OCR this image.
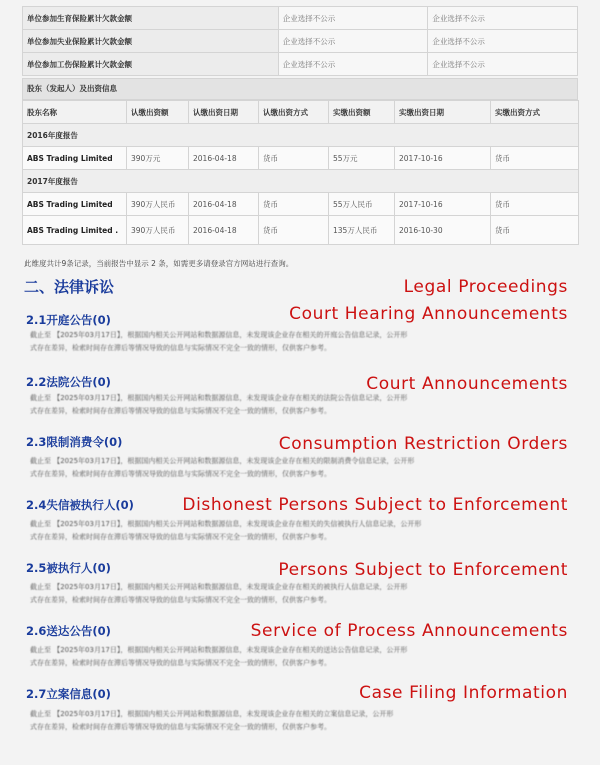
单位参加生育保险累计欠款金额	企业选择不公示	企业选择不公示
单位参加失业保险累计欠款金额	企业选择不公示	企业选择不公示
单位参加工伤保险累计欠款金额	企业选择不公示	企业选择不公示
股东（发起人）及出资信息
股东名称	认缴出资额	认缴出资日期	认缴出资方式	实缴出资额	实缴出资日期	实缴出资方式
2016年度报告						
ABS Trading Limited	390万元	2016-04-18	货币	55万元	2017-10-16	货币
2017年度报告						
ABS Trading Limited	390万人民币	2016-04-18	货币	55万人民币	2017-10-16	货币
ABS Trading Limited .	390万人民币	2016-04-18	货币	135万人民币	2016-10-30	货币
此维度共计9条记录，当前报告中显示 2 条，如需更多请登录官方网站进行查询。
二、法律诉讼	Legal Proceedings
2.1开庭公告(0)	Court Hearing Announcements
截止至 【2025年03月17日】，根据国内相关公开网站和数据源信息，未发现该企业存在相关的开庭公告信息记录，公开形
式存在差异，检索时间存在滞后等情况导致的信息与实际情况不完全一致的情形，仅供客户参考。
2.2法院公告(0)	Court Announcements
截止至 【2025年03月17日】，根据国内相关公开网站和数据源信息，未发现该企业存在相关的法院公告信息记录，公开形
式存在差异，检索时间存在滞后等情况导致的信息与实际情况不完全一致的情形，仅供客户参考。
2.3限制消费令(0)	Consumption Restriction Orders
截止至 【2025年03月17日】，根据国内相关公开网站和数据源信息，未发现该企业存在相关的限制消费令信息记录，公开形
式存在差异，检索时间存在滞后等情况导致的信息与实际情况不完全一致的情形，仅供客户参考。
2.4失信被执行人(0)	Dishonest Persons Subject to Enforcement
截止至 【2025年03月17日】，根据国内相关公开网站和数据源信息，未发现该企业存在相关的失信被执行人信息记录，公开形
式存在差异，检索时间存在滞后等情况导致的信息与实际情况不完全一致的情形，仅供客户参考。
2.5被执行人(0)	Persons Subject to Enforcement
截止至 【2025年03月17日】，根据国内相关公开网站和数据源信息，未发现该企业存在相关的被执行人信息记录，公开形
式存在差异，检索时间存在滞后等情况导致的信息与实际情况不完全一致的情形，仅供客户参考。
2.6送达公告(0)	Service of Process Announcements
截止至 【2025年03月17日】，根据国内相关公开网站和数据源信息，未发现该企业存在相关的送达公告信息记录，公开形
式存在差异，检索时间存在滞后等情况导致的信息与实际情况不完全一致的情形，仅供客户参考。
2.7立案信息(0)	Case Filing Information
截止至 【2025年03月17日】，根据国内相关公开网站和数据源信息，未发现该企业存在相关的立案信息记录，公开形
式存在差异，检索时间存在滞后等情况导致的信息与实际情况不完全一致的情形，仅供客户参考。
